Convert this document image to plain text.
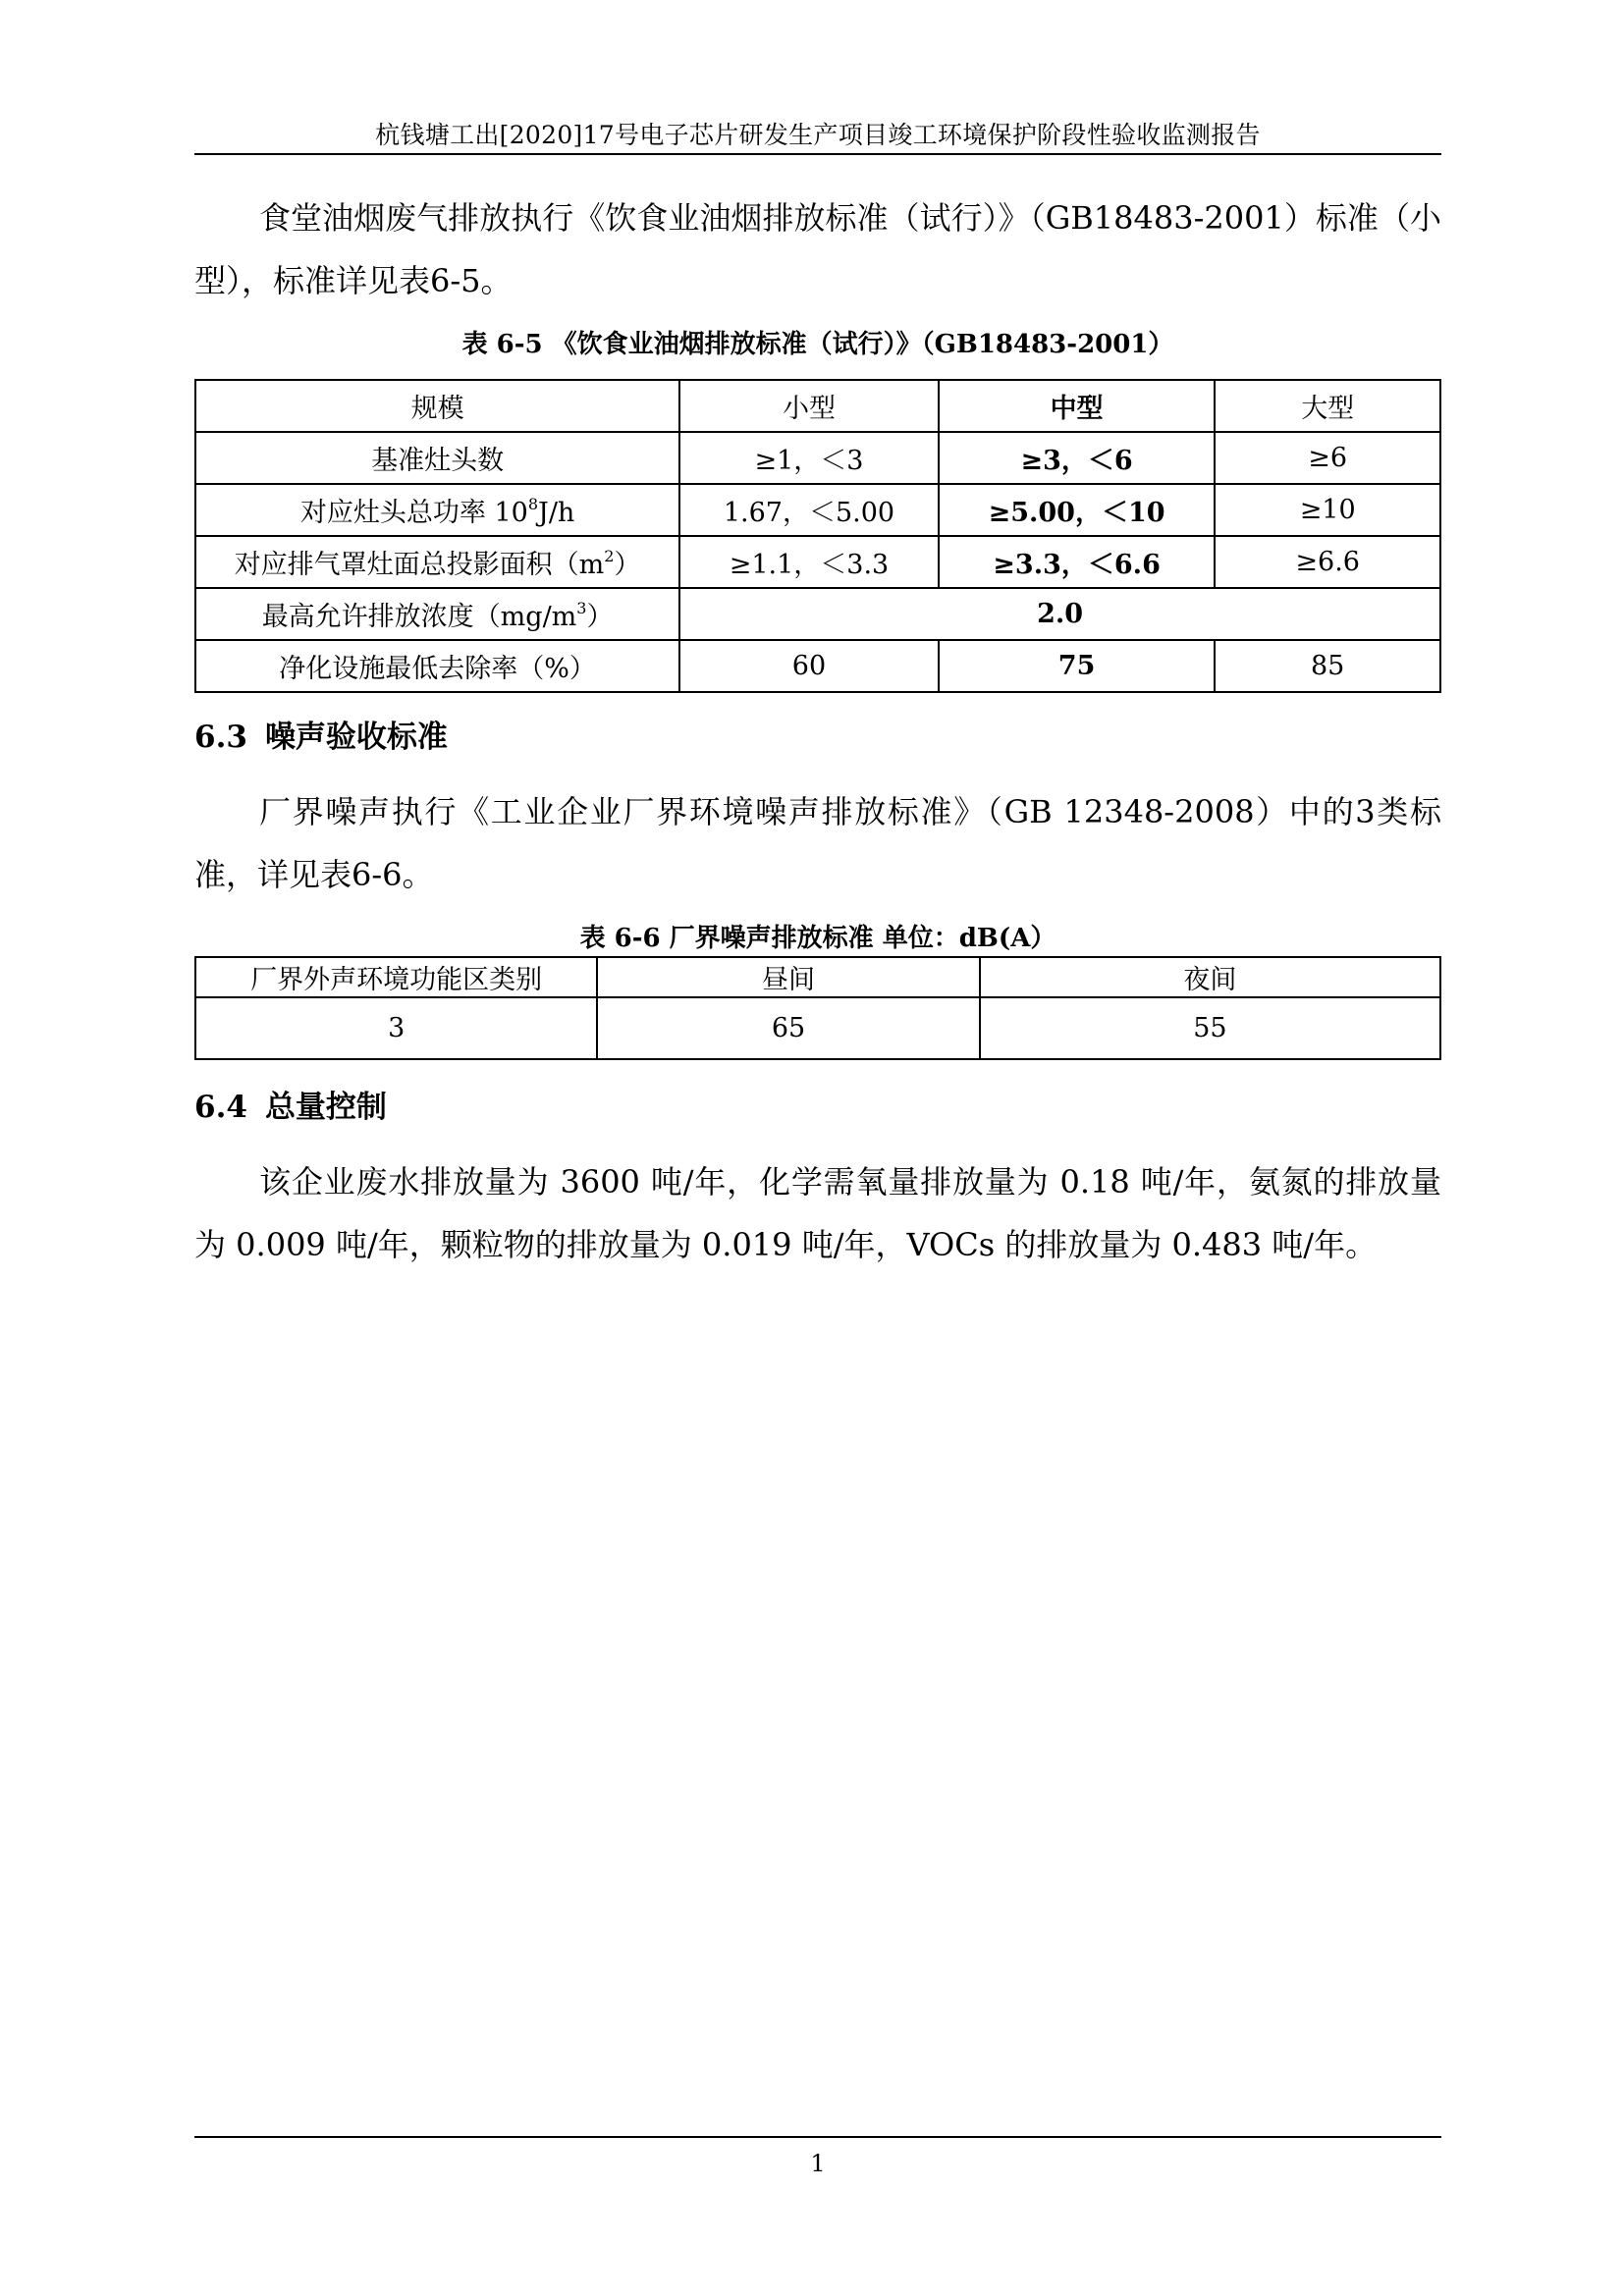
杭钱塘工出[2020]17号电子芯片研发生产项目竣工环境保护阶段性验收监测报告

食堂油烟废气排放执行《饮食业油烟排放标准（试行）》（GB18483-2001）标准（小型），标准详见表6-5。

表 6-5 《饮食业油烟排放标准（试行）》（GB18483-2001）
规模	小型	中型	大型
基准灶头数	≥1，＜3	≥3，＜6	≥6
对应灶头总功率 $10^8J/h$	1.67，＜5.00	≥5.00，＜10	≥10
对应排气罩灶面总投影面积$(m^2)$	≥1.1，＜3.3	≥3.3，＜6.6	≥6.6
最高允许排放浓度$(mg/m^3)$	2.0		
净化设施最低去除率（%）	60	75	85
6.3 噪声验收标准

厂界噪声执行《工业企业厂界环境噪声排放标准》（GB 12348-2008）中的3类标准，详见表6-6。

表 6-6 厂界噪声排放标准 单位：dB(A）
厂界外声环境功能区类别	昼间	夜间
3	65	55
6.4 总量控制

该企业废水排放量为 3600 吨/年，化学需氧量排放量为 0.18 吨/年，氨氮的排放量为 0.009 吨/年，颗粒物的排放量为 0.019 吨/年，VOCs 的排放量为 0.483 吨/年。

1
